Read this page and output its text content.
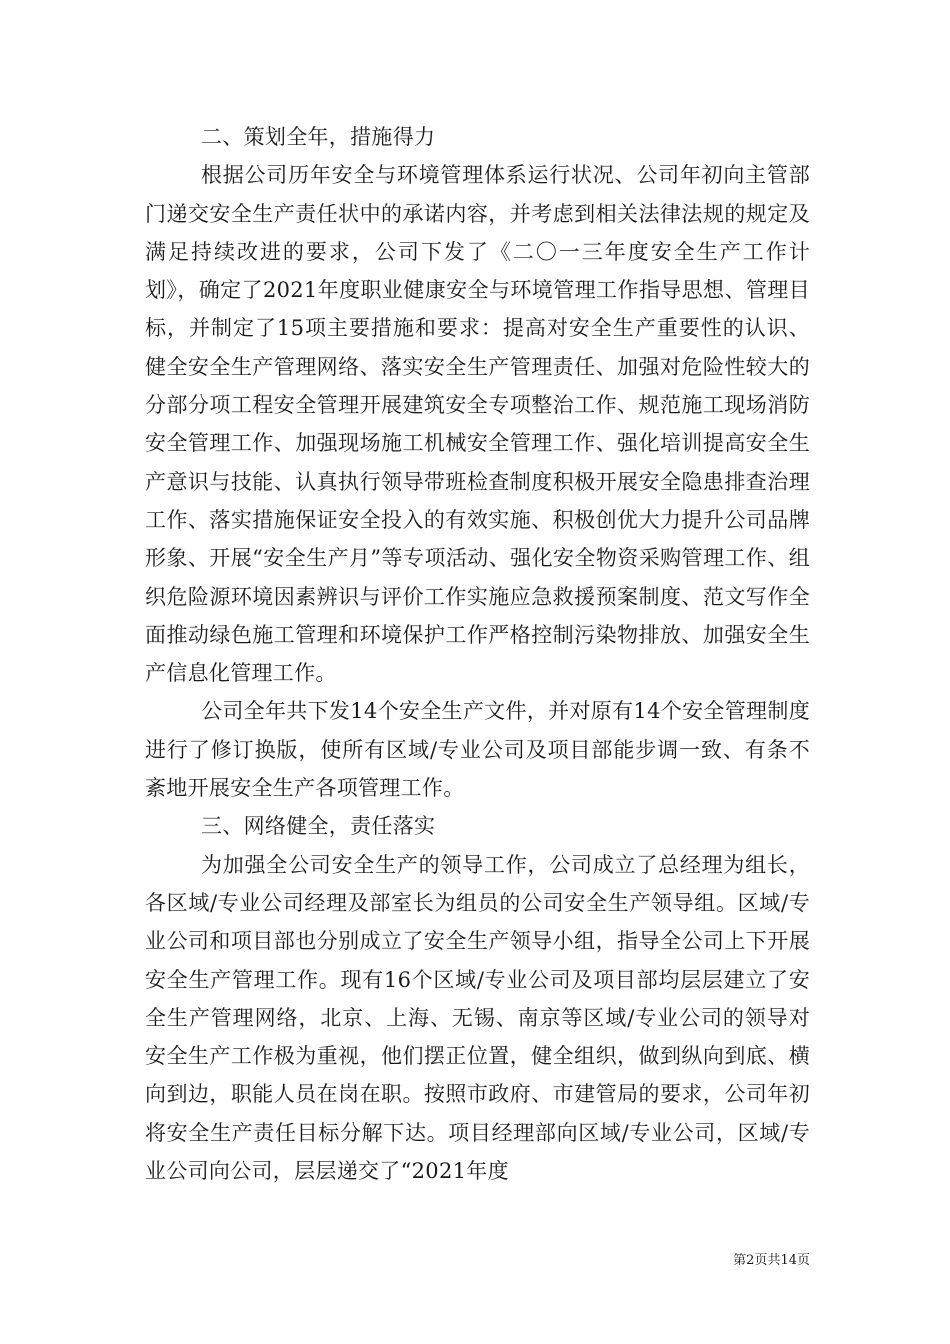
二、策划全年，措施得力

根据公司历年安全与环境管理体系运行状况、公司年初向主管部门递交安全生产责任状中的承诺内容，并考虑到相关法律法规的规定及满足持续改进的要求，公司下发了《二〇一三年度安全生产工作计划》，确定了2021年度职业健康安全与环境管理工作指导思想、管理目标，并制定了15项主要措施和要求：提高对安全生产重要性的认识、健全安全生产管理网络、落实安全生产管理责任、加强对危险性较大的分部分项工程安全管理开展建筑安全专项整治工作、规范施工现场消防安全管理工作、加强现场施工机械安全管理工作、强化培训提高安全生产意识与技能、认真执行领导带班检查制度积极开展安全隐患排查治理工作、落实措施保证安全投入的有效实施、积极创优大力提升公司品牌形象、开展“安全生产月”等专项活动、强化安全物资采购管理工作、组织危险源环境因素辨识与评价工作实施应急救援预案制度、范文写作全面推动绿色施工管理和环境保护工作严格控制污染物排放、加强安全生产信息化管理工作。

公司全年共下发14个安全生产文件，并对原有14个安全管理制度进行了修订换版，使所有区域/专业公司及项目部能步调一致、有条不紊地开展安全生产各项管理工作。

三、网络健全，责任落实

为加强全公司安全生产的领导工作，公司成立了总经理为组长，各区域/专业公司经理及部室长为组员的公司安全生产领导组。区域/专业公司和项目部也分别成立了安全生产领导小组，指导全公司上下开展安全生产管理工作。现有16个区域/专业公司及项目部均层层建立了安全生产管理网络，北京、上海、无锡、南京等区域/专业公司的领导对安全生产工作极为重视，他们摆正位置，健全组织，做到纵向到底、横向到边，职能人员在岗在职。按照市政府、市建管局的要求，公司年初将安全生产责任目标分解下达。项目经理部向区域/专业公司，区域/专业公司向公司，层层递交了“2021年度

第2页共14页
